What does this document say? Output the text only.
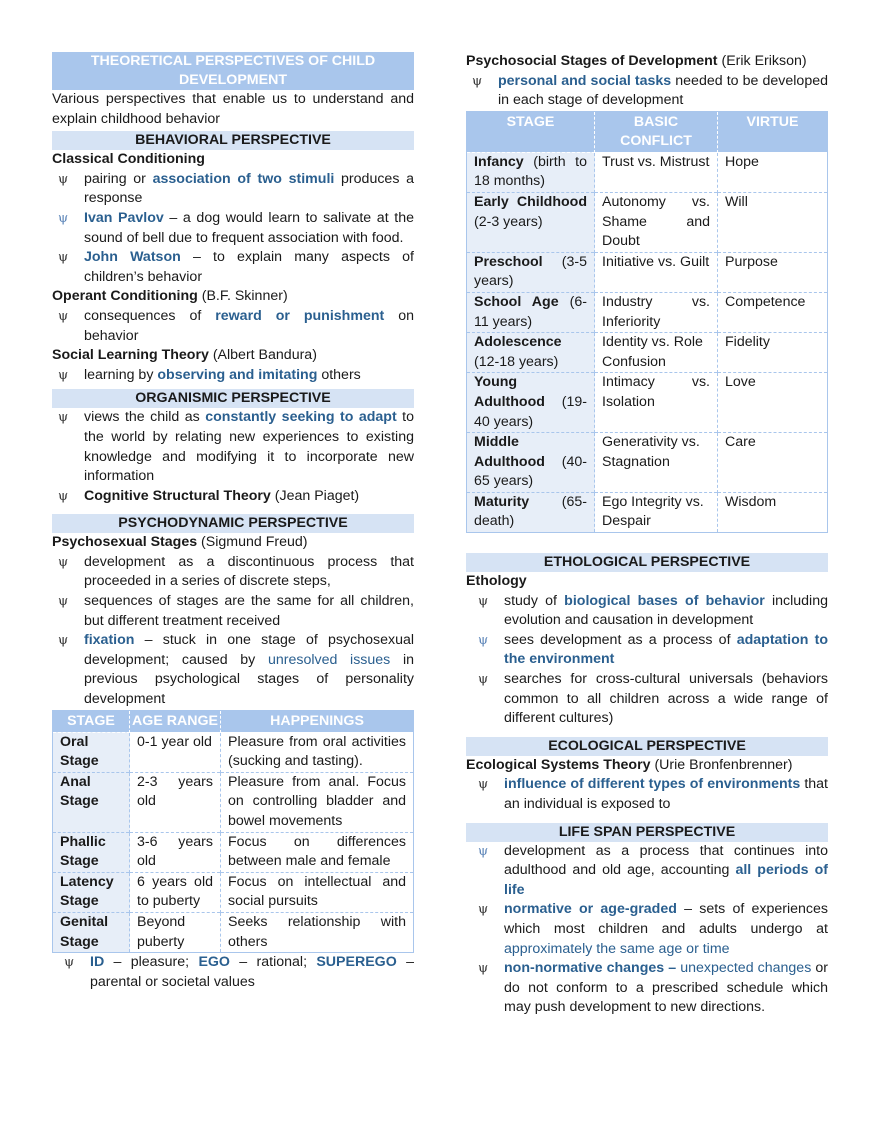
THEORETICAL PERSPECTIVES OF CHILD DEVELOPMENT

Various perspectives that enable us to understand and explain childhood behavior

BEHAVIORAL PERSPECTIVE
Classical Conditioning
ψ pairing or association of two stimuli produces a response
ψ Ivan Pavlov – a dog would learn to salivate at the sound of bell due to frequent association with food.
ψ John Watson – to explain many aspects of children’s behavior
Operant Conditioning (B.F. Skinner)
ψ consequences of reward or punishment on behavior
Social Learning Theory (Albert Bandura)
ψ learning by observing and imitating others
ORGANISMIC PERSPECTIVE
ψ views the child as constantly seeking to adapt to the world by relating new experiences to existing knowledge and modifying it to incorporate new information
ψ Cognitive Structural Theory (Jean Piaget)
PSYCHODYNAMIC PERSPECTIVE
Psychosexual Stages (Sigmund Freud)
ψ development as a discontinuous process that proceeded in a series of discrete steps,
ψ sequences of stages are the same for all children, but different treatment received
ψ fixation – stuck in one stage of psychosexual development; caused by unresolved issues in previous psychological stages of personality development
STAGE	AGE RANGE	HAPPENINGS
Oral Stage	0-1 year old	Pleasure from oral activities (sucking and tasting).
Anal Stage	2-3 years old	Pleasure from anal. Focus on controlling bladder and bowel movements
Phallic Stage	3-6 years old	Focus on differences between male and female
Latency Stage	6 years old to puberty	Focus on intellectual and social pursuits
Genital Stage	Beyond puberty	Seeks relationship with others
ψ ID – pleasure; EGO – rational; SUPEREGO – parental or societal values
Psychosocial Stages of Development (Erik Erikson)
ψ personal and social tasks needed to be developed in each stage of development
STAGE	BASIC CONFLICT	VIRTUE
Infancy (birth to 18 months)	Trust vs. Mistrust	Hope
Early Childhood (2-3 years)	Autonomy vs. Shame and Doubt	Will
Preschool (3-5 years)	Initiative vs. Guilt	Purpose
School Age (6-11 years)	Industry vs. Inferiority	Competence
Adolescence (12-18 years)	Identity vs. Role Confusion	Fidelity
Young Adulthood (19-40 years)	Intimacy vs. Isolation	Love
Middle Adulthood (40-65 years)	Generativity vs. Stagnation	Care
Maturity (65-death)	Ego Integrity vs. Despair	Wisdom
ETHOLOGICAL PERSPECTIVE
Ethology
ψ study of biological bases of behavior including evolution and causation in development
ψ sees development as a process of adaptation to the environment
ψ searches for cross-cultural universals (behaviors common to all children across a wide range of different cultures)
ECOLOGICAL PERSPECTIVE
Ecological Systems Theory (Urie Bronfenbrenner)
ψ influence of different types of environments that an individual is exposed to
LIFE SPAN PERSPECTIVE
ψ development as a process that continues into adulthood and old age, accounting all periods of life
ψ normative or age-graded – sets of experiences which most children and adults undergo at approximately the same age or time
ψ non-normative changes – unexpected changes or do not conform to a prescribed schedule which may push development to new directions.
